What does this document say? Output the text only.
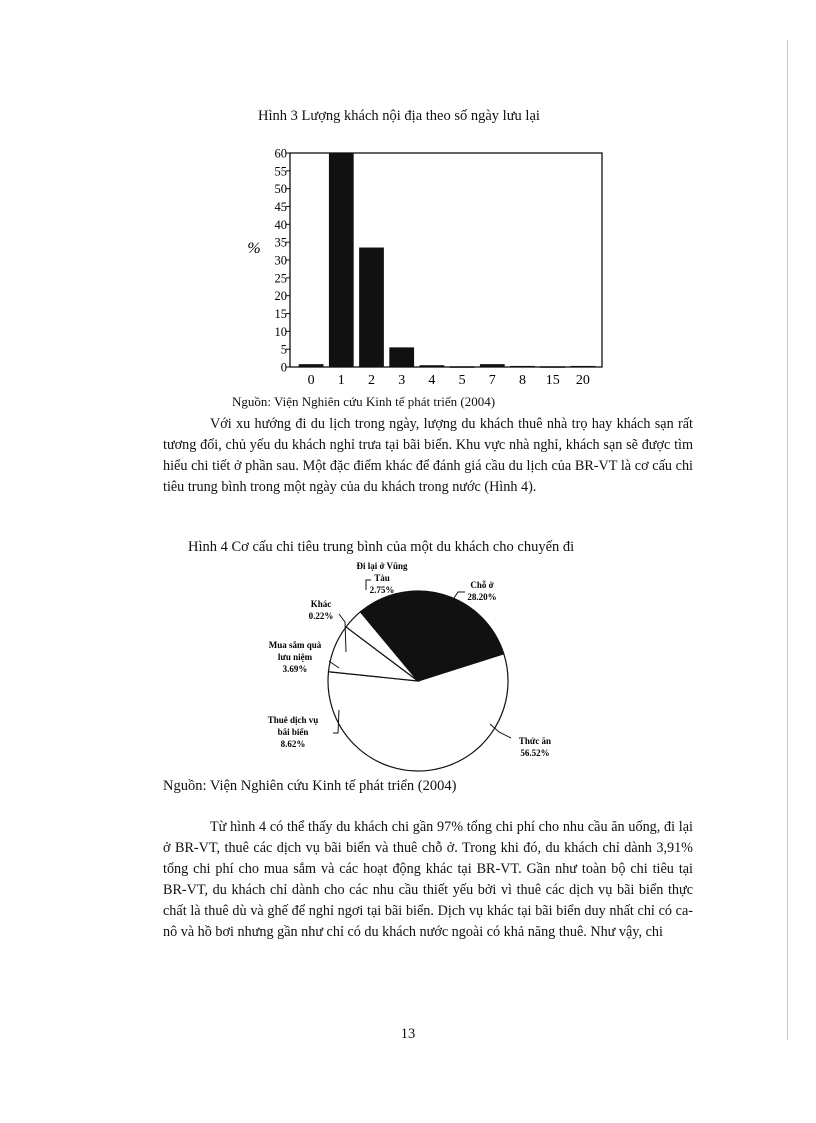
Hình 3 Lượng khách nội địa theo số ngày lưu lại
%
0
5
10
15
20
25
30
35
40
45
50
55
60
0 1 2 3 4 5 7 8 15 20
Nguồn: Viện Nghiên cứu Kinh tế phát triển (2004)

Với xu hướng đi du lịch trong ngày, lượng du khách thuê nhà trọ hay khách sạn rất tương đối, chủ yếu du khách nghỉ trưa tại bãi biển. Khu vực nhà nghỉ, khách sạn sẽ được tìm hiểu chi tiết ở phần sau. Một đặc điểm khác để đánh giá cầu du lịch của BR-VT là cơ cấu chi tiêu trung bình trong một ngày của du khách trong nước (Hình 4).

Hình 4 Cơ cấu chi tiêu trung bình của một du khách cho chuyến đi
Đi lại ở Vũng
Tàu
2.75%	Chỗ ở
28.20%
Thức ăn
56.52%
Thuê dịch vụ
bãi biển
8.62%
Mua sắm quà
lưu niệm
3.69%
Khác
0.22%
Nguồn: Viện Nghiên cứu Kinh tế phát triển (2004)

Từ hình 4 có thể thấy du khách chi gần 97% tổng chi phí cho nhu cầu ăn uống, đi lại ở BR-VT, thuê các dịch vụ bãi biển và thuê chỗ ở. Trong khi đó, du khách chỉ dành 3,91% tổng chi phí cho mua sắm và các hoạt động khác tại BR-VT. Gần như toàn bộ chi tiêu tại BR-VT, du khách chỉ dành cho các nhu cầu thiết yếu bởi vì thuê các dịch vụ bãi biển thực chất là thuê dù và ghế để nghỉ ngơi tại bãi biển. Dịch vụ khác tại bãi biển duy nhất chỉ có ca-nô và hồ bơi nhưng gần như chỉ có du khách nước ngoài có khả năng thuê. Như vậy, chi

13
